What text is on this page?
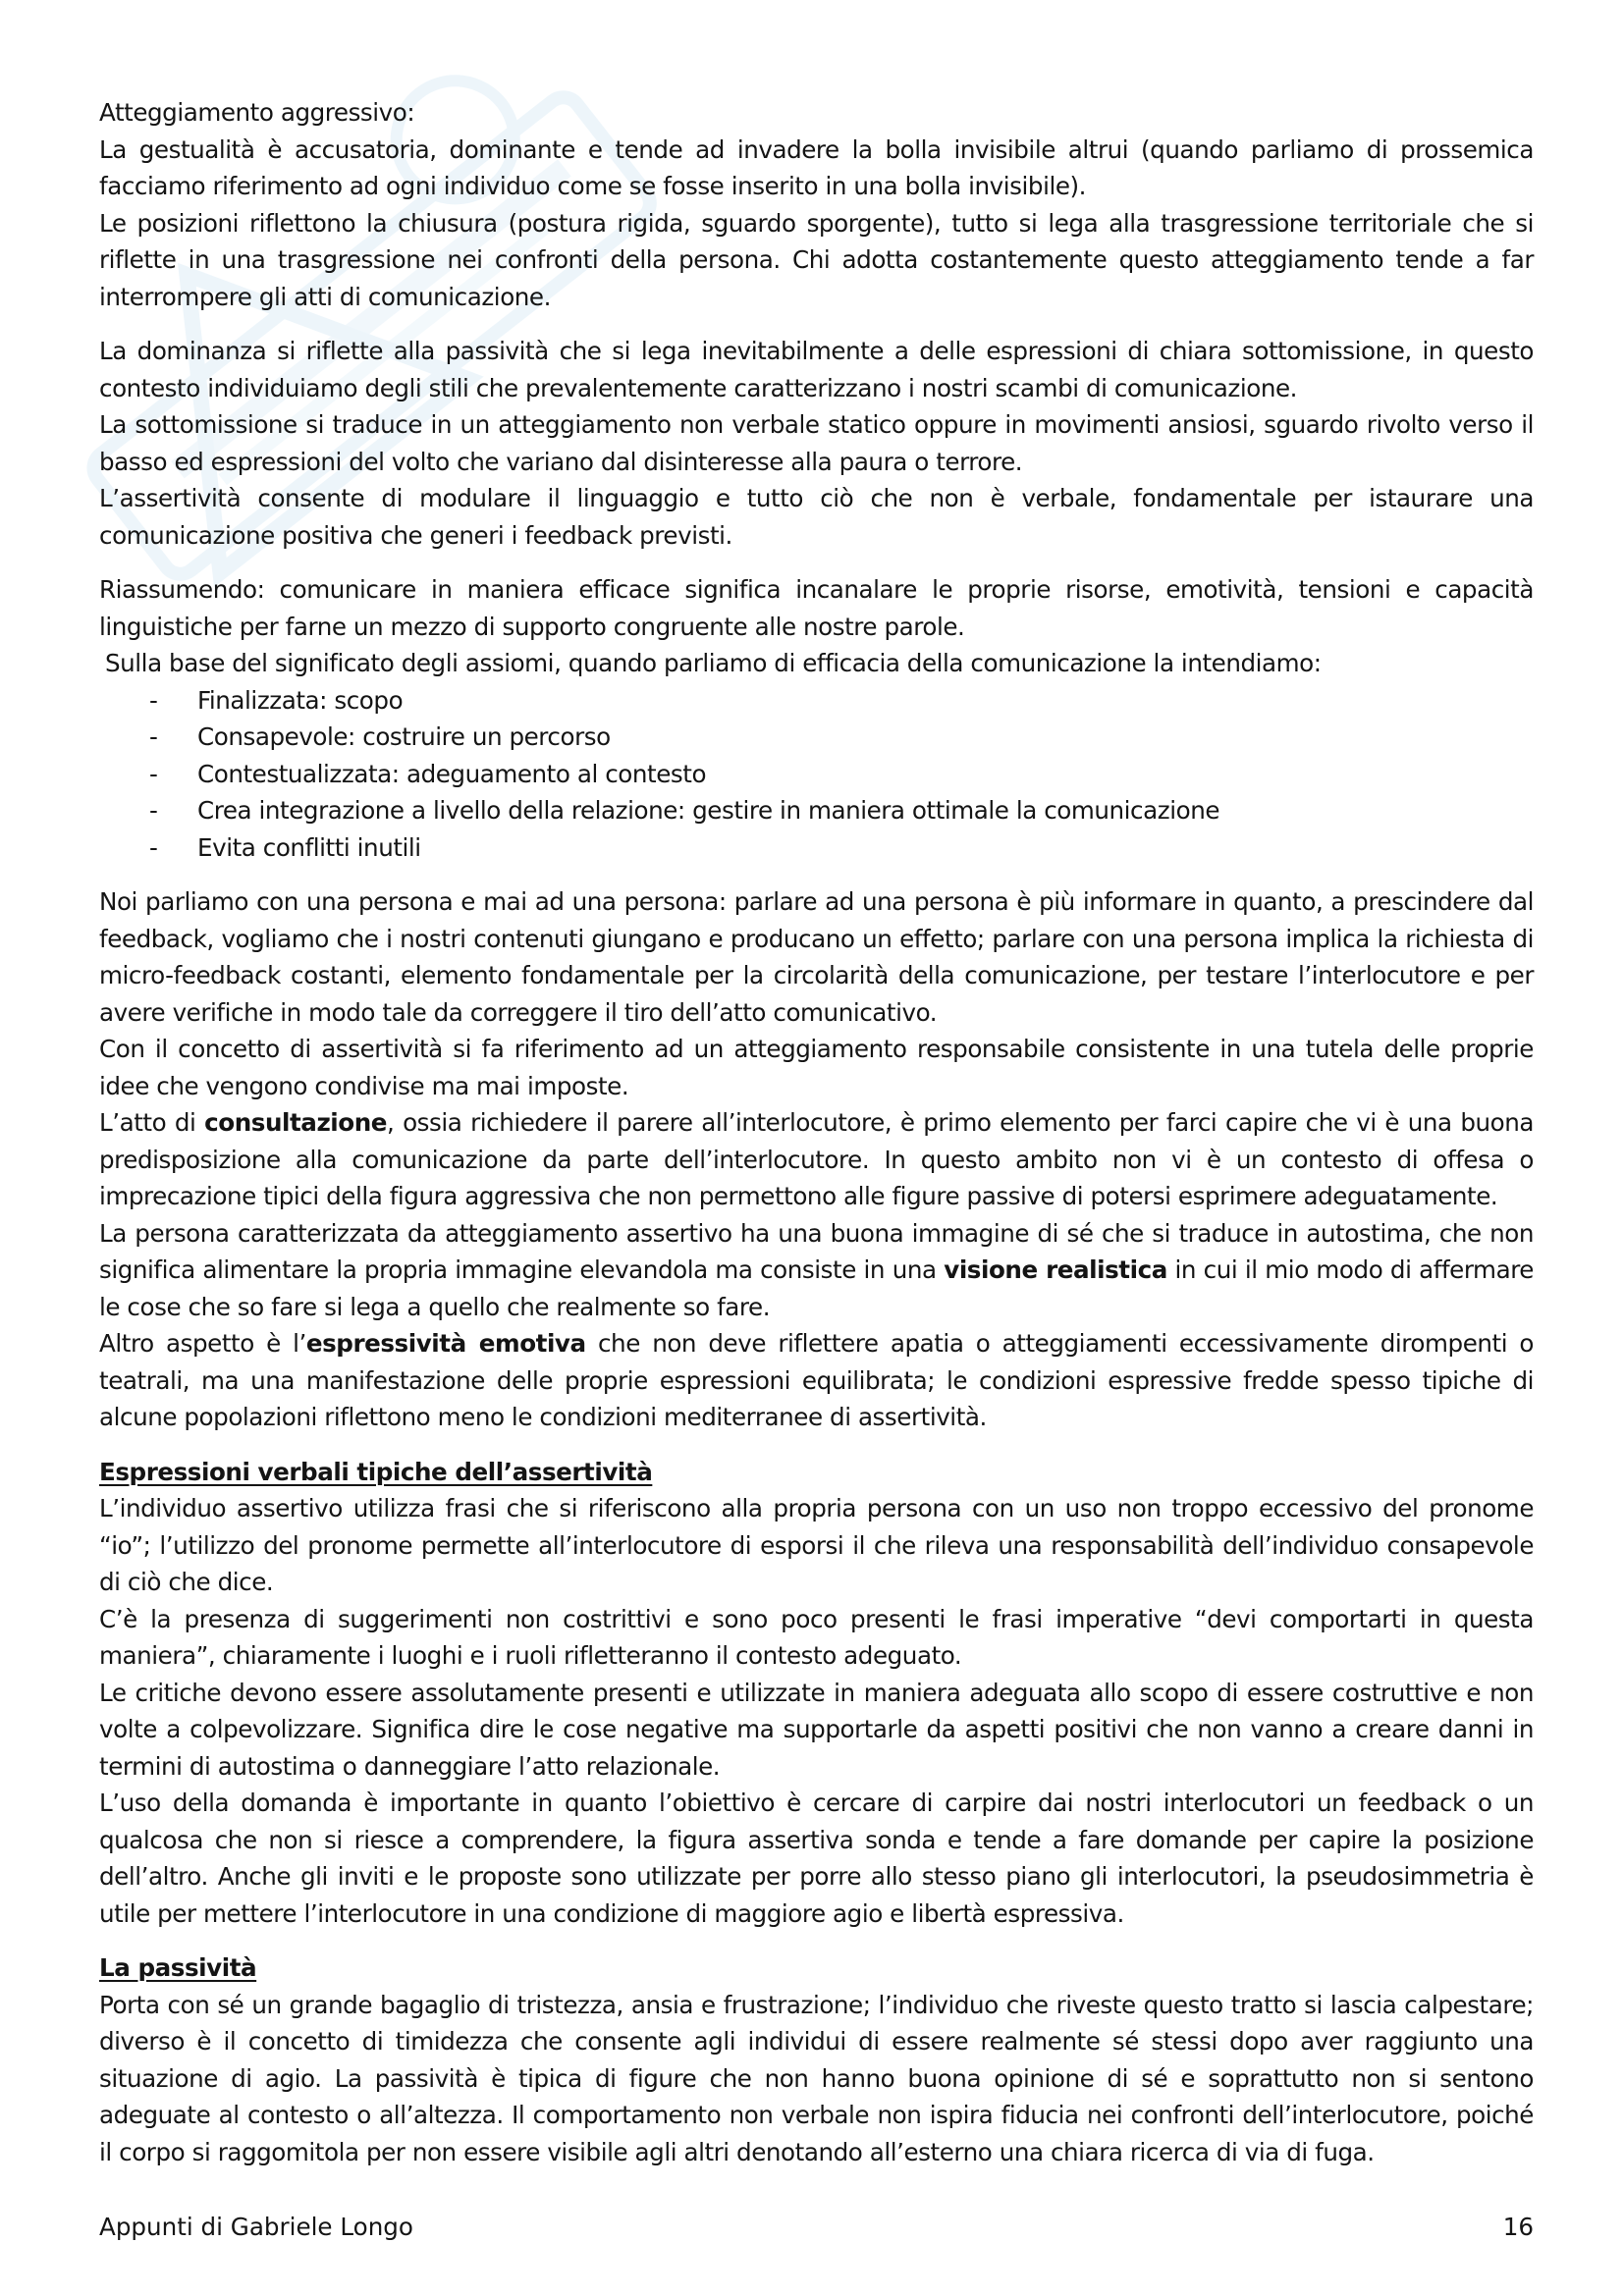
Atteggiamento aggressivo:

La gestualità è accusatoria, dominante e tende ad invadere la bolla invisibile altrui (quando parliamo di prossemica facciamo riferimento ad ogni individuo come se fosse inserito in una bolla invisibile).

Le posizioni riflettono la chiusura (postura rigida, sguardo sporgente), tutto si lega alla trasgressione territoriale che si riflette in una trasgressione nei confronti della persona. Chi adotta costantemente questo atteggiamento tende a far interrompere gli atti di comunicazione.

La dominanza si riflette alla passività che si lega inevitabilmente a delle espressioni di chiara sottomissione, in questo contesto individuiamo degli stili che prevalentemente caratterizzano i nostri scambi di comunicazione.

La sottomissione si traduce in un atteggiamento non verbale statico oppure in movimenti ansiosi, sguardo rivolto verso il basso ed espressioni del volto che variano dal disinteresse alla paura o terrore.

L’assertività consente di modulare il linguaggio e tutto ciò che non è verbale, fondamentale per istaurare una comunicazione positiva che generi i feedback previsti.

Riassumendo: comunicare in maniera efficace significa incanalare le proprie risorse, emotività, tensioni e capacità linguistiche per farne un mezzo di supporto congruente alle nostre parole.

Sulla base del significato degli assiomi, quando parliamo di efficacia della comunicazione la intendiamo:

- Finalizzata: scopo
- Consapevole: costruire un percorso
- Contestualizzata: adeguamento al contesto
- Crea integrazione a livello della relazione: gestire in maniera ottimale la comunicazione
- Evita conflitti inutili

Noi parliamo con una persona e mai ad una persona: parlare ad una persona è più informare in quanto, a prescindere dal feedback, vogliamo che i nostri contenuti giungano e producano un effetto; parlare con una persona implica la richiesta di micro-feedback costanti, elemento fondamentale per la circolarità della comunicazione, per testare l’interlocutore e per avere verifiche in modo tale da correggere il tiro dell’atto comunicativo.

Con il concetto di assertività si fa riferimento ad un atteggiamento responsabile consistente in una tutela delle proprie idee che vengono condivise ma mai imposte.

L’atto di consultazione, ossia richiedere il parere all’interlocutore, è primo elemento per farci capire che vi è una buona predisposizione alla comunicazione da parte dell’interlocutore. In questo ambito non vi è un contesto di offesa o imprecazione tipici della figura aggressiva che non permettono alle figure passive di potersi esprimere adeguatamente.

La persona caratterizzata da atteggiamento assertivo ha una buona immagine di sé che si traduce in autostima, che non significa alimentare la propria immagine elevandola ma consiste in una visione realistica in cui il mio modo di affermare le cose che so fare si lega a quello che realmente so fare.

Altro aspetto è l’espressività emotiva che non deve riflettere apatia o atteggiamenti eccessivamente dirompenti o teatrali, ma una manifestazione delle proprie espressioni equilibrata; le condizioni espressive fredde spesso tipiche di alcune popolazioni riflettono meno le condizioni mediterranee di assertività.

Espressioni verbali tipiche dell’assertività

L’individuo assertivo utilizza frasi che si riferiscono alla propria persona con un uso non troppo eccessivo del pronome “io”; l’utilizzo del pronome permette all’interlocutore di esporsi il che rileva una responsabilità dell’individuo consapevole di ciò che dice.

C’è la presenza di suggerimenti non costrittivi e sono poco presenti le frasi imperative “devi comportarti in questa maniera”, chiaramente i luoghi e i ruoli rifletteranno il contesto adeguato.

Le critiche devono essere assolutamente presenti e utilizzate in maniera adeguata allo scopo di essere costruttive e non volte a colpevolizzare. Significa dire le cose negative ma supportarle da aspetti positivi che non vanno a creare danni in termini di autostima o danneggiare l’atto relazionale.

L’uso della domanda è importante in quanto l’obiettivo è cercare di carpire dai nostri interlocutori un feedback o un qualcosa che non si riesce a comprendere, la figura assertiva sonda e tende a fare domande per capire la posizione dell’altro. Anche gli inviti e le proposte sono utilizzate per porre allo stesso piano gli interlocutori, la pseudosimmetria è utile per mettere l’interlocutore in una condizione di maggiore agio e libertà espressiva.

La passività

Porta con sé un grande bagaglio di tristezza, ansia e frustrazione; l’individuo che riveste questo tratto si lascia calpestare; diverso è il concetto di timidezza che consente agli individui di essere realmente sé stessi dopo aver raggiunto una situazione di agio. La passività è tipica di figure che non hanno buona opinione di sé e soprattutto non si sentono adeguate al contesto o all’altezza. Il comportamento non verbale non ispira fiducia nei confronti dell’interlocutore, poiché il corpo si raggomitola per non essere visibile agli altri denotando all’esterno una chiara ricerca di via di fuga.

Appunti di Gabriele Longo	16
